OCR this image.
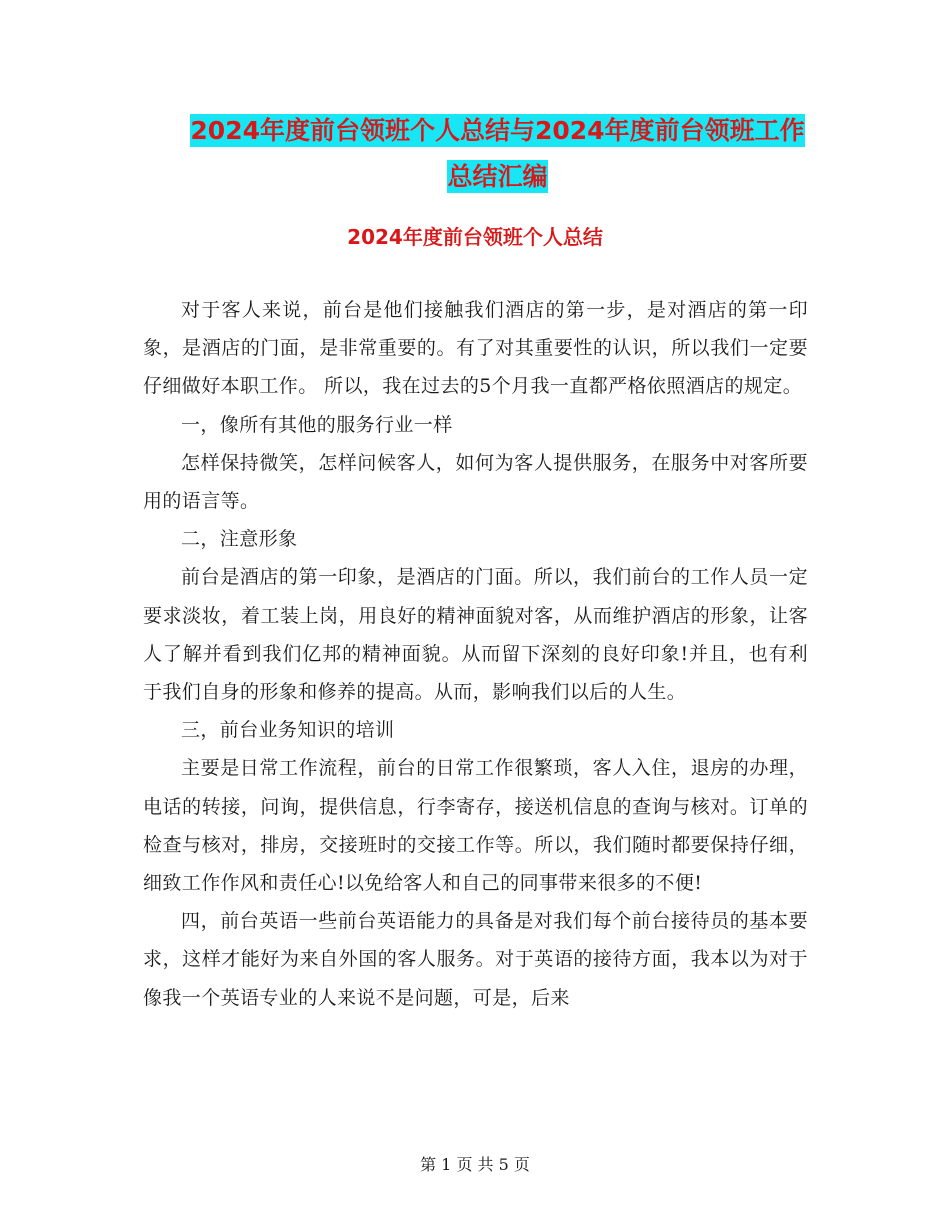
2024年度前台领班个人总结与2024年度前台领班工作
总结汇编
2024年度前台领班个人总结

对于客人来说，前台是他们接触我们酒店的第一步，是对酒店的第一印象，是酒店的门面，是非常重要的。有了对其重要性的认识，所以我们一定要仔细做好本职工作。 所以，我在过去的5个月我一直都严格依照酒店的规定。

一，像所有其他的服务行业一样

怎样保持微笑，怎样问候客人，如何为客人提供服务，在服务中对客所要用的语言等。

二，注意形象

前台是酒店的第一印象，是酒店的门面。所以，我们前台的工作人员一定要求淡妆，着工装上岗，用良好的精神面貌对客，从而维护酒店的形象，让客人了解并看到我们亿邦的精神面貌。从而留下深刻的良好印象!并且，也有利于我们自身的形象和修养的提高。从而，影响我们以后的人生。

三，前台业务知识的培训

主要是日常工作流程，前台的日常工作很繁琐，客人入住，退房的办理，电话的转接，问询，提供信息，行李寄存，接送机信息的查询与核对。订单的检查与核对，排房，交接班时的交接工作等。所以，我们随时都要保持仔细，细致工作作风和责任心!以免给客人和自己的同事带来很多的不便!

四，前台英语一些前台英语能力的具备是对我们每个前台接待员的基本要求，这样才能好为来自外国的客人服务。对于英语的接待方面，我本以为对于像我一个英语专业的人来说不是问题，可是，后来

第 1 页 共 5 页
